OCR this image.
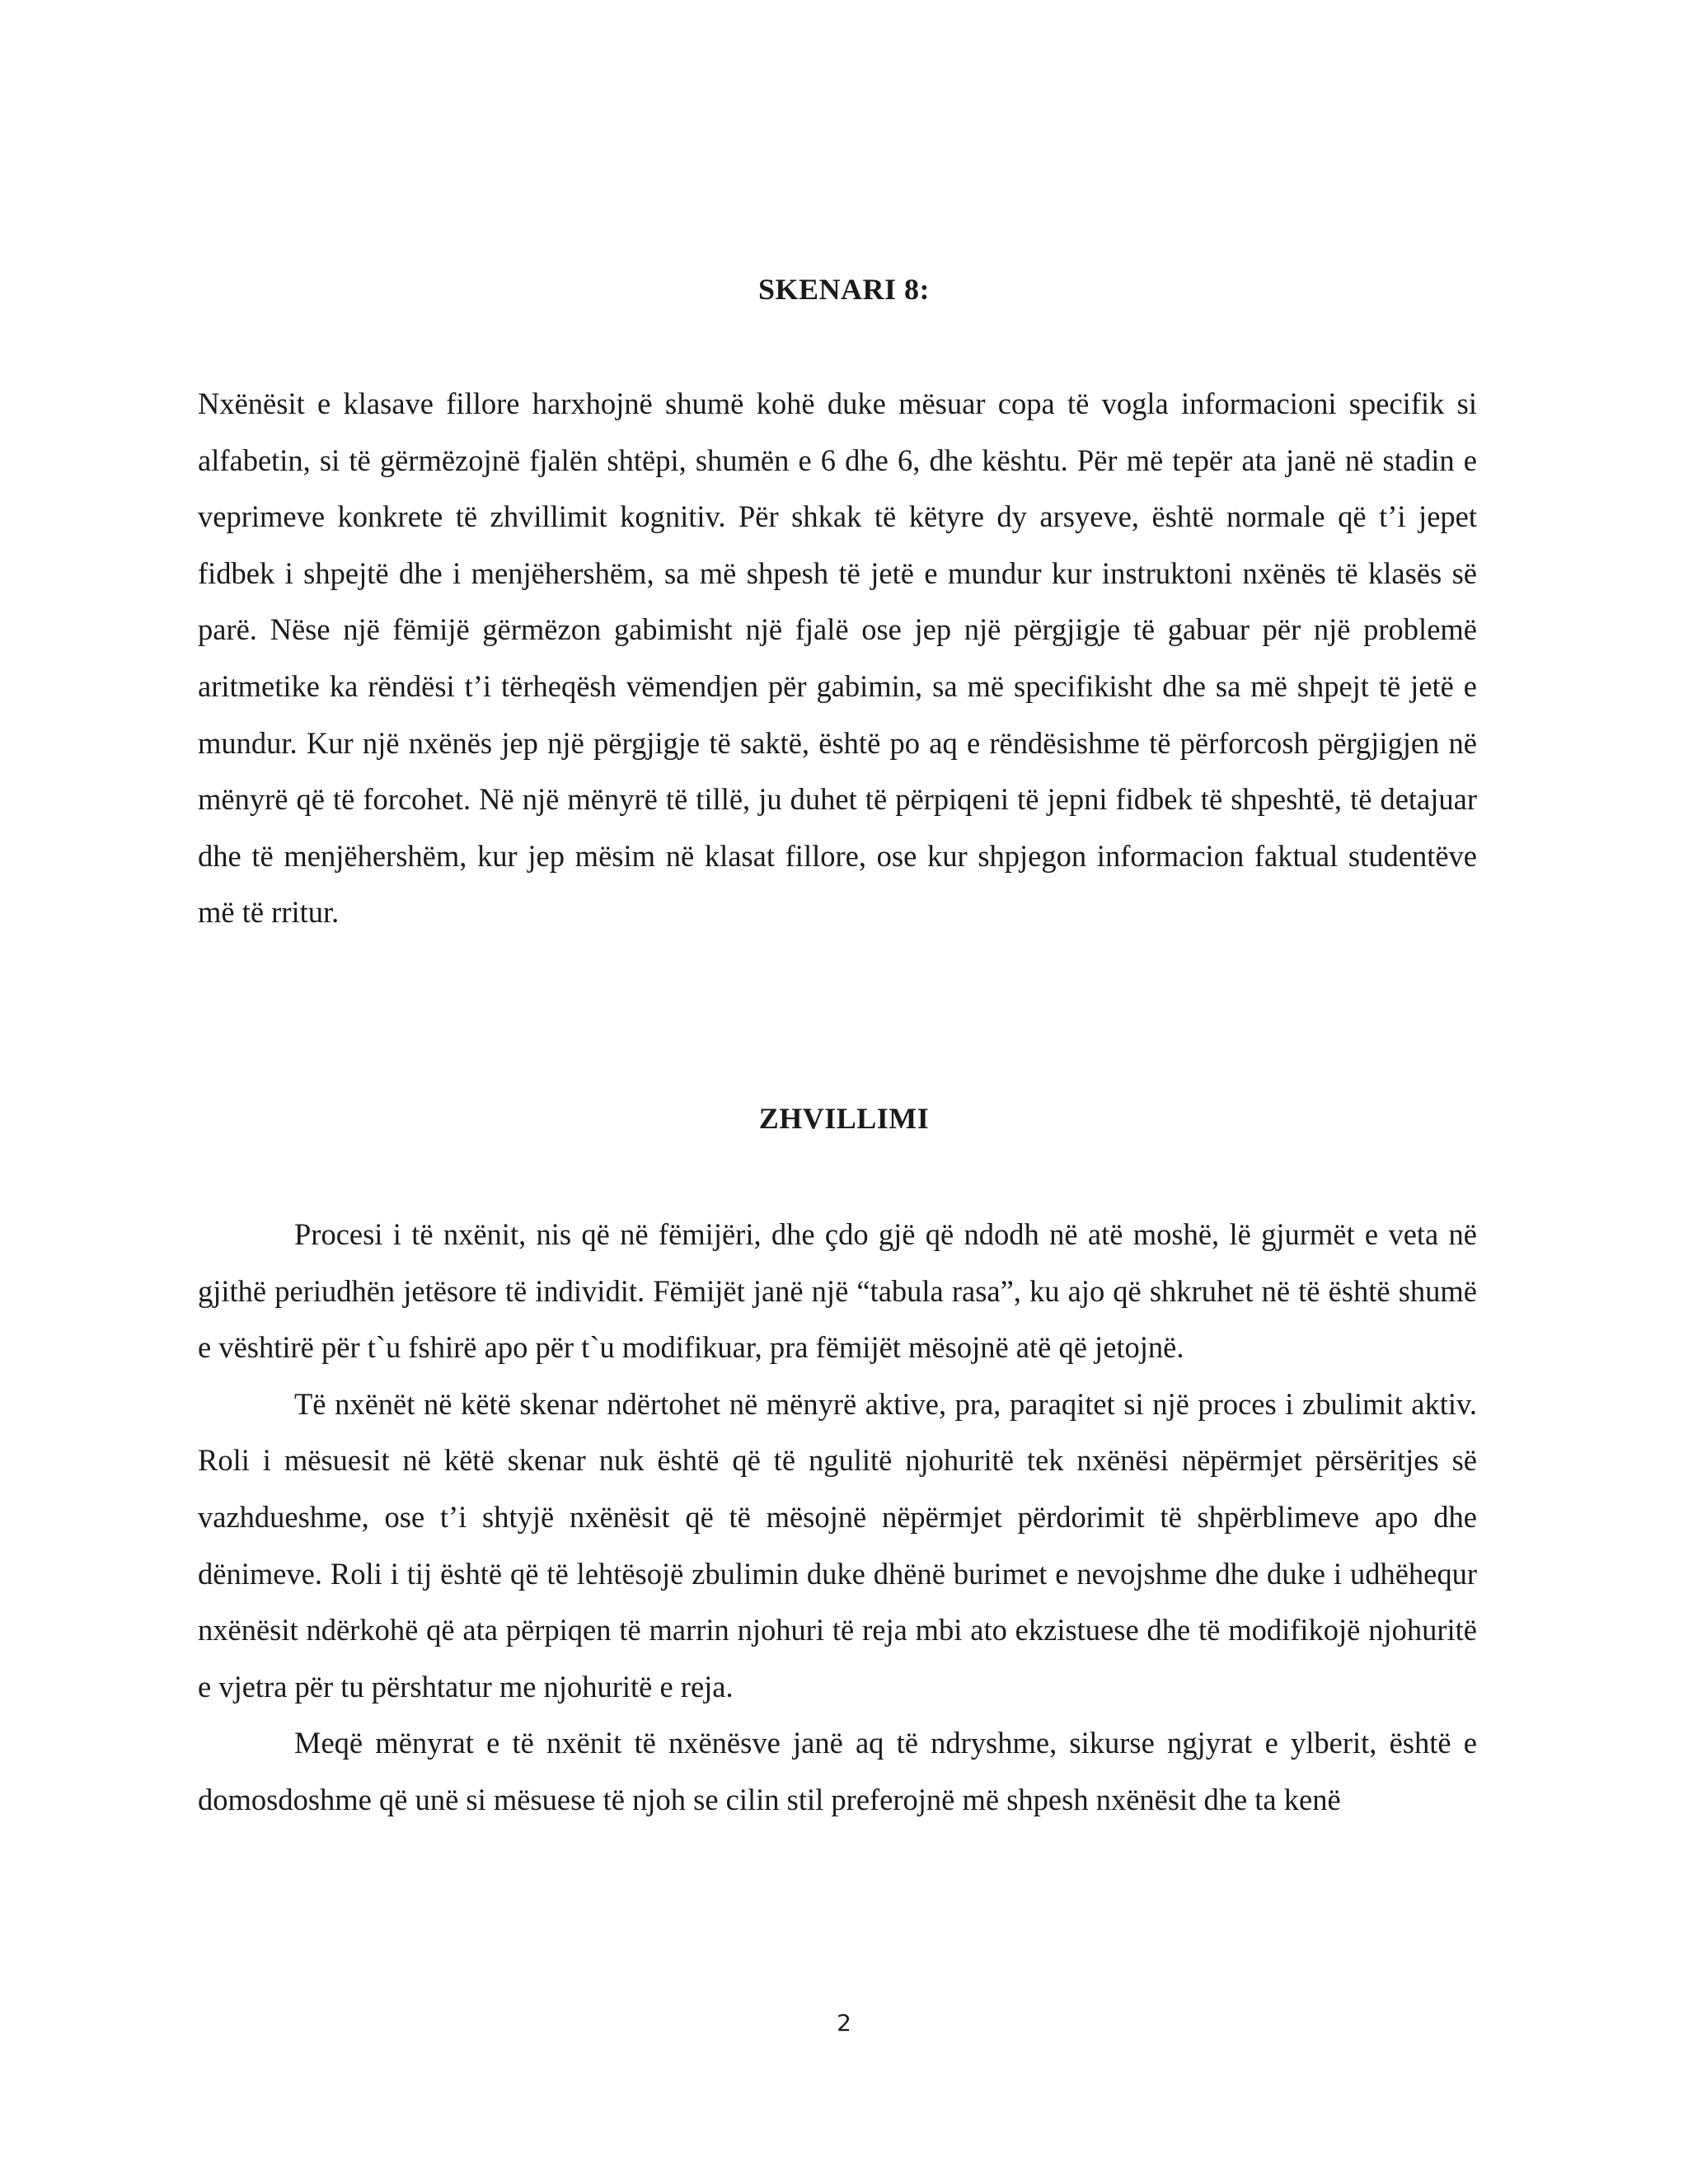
SKENARI 8:

Nxënësit e klasave fillore harxhojnë shumë kohë duke mësuar copa të vogla informacioni specifik si alfabetin, si të gërmëzojnë fjalën shtëpi, shumën e 6 dhe 6, dhe kështu. Për më tepër ata janë në stadin e veprimeve konkrete të zhvillimit kognitiv. Për shkak të këtyre dy arsyeve, është normale që t’i jepet fidbek i shpejtë dhe i menjëhershëm, sa më shpesh të jetë e mundur kur instruktoni nxënës të klasës së parë. Nëse një fëmijë gërmëzon gabimisht një fjalë ose jep një përgjigje të gabuar për një problemë aritmetike ka rëndësi t’i tërheqësh vëmendjen për gabimin, sa më specifikisht dhe sa më shpejt të jetë e mundur. Kur një nxënës jep një përgjigje të saktë, është po aq e rëndësishme të përforcosh përgjigjen në mënyrë që të forcohet. Në një mënyrë të tillë, ju duhet të përpiqeni të jepni fidbek të shpeshtë, të detajuar dhe të menjëhershëm, kur jep mësim në klasat fillore, ose kur shpjegon informacion faktual studentëve më të rritur.

ZHVILLIMI

Procesi i të nxënit, nis që në fëmijëri, dhe çdo gjë që ndodh në atë moshë, lë gjurmët e veta në gjithë periudhën jetësore të individit. Fëmijët janë një “tabula rasa”, ku ajo që shkruhet në të është shumë e vështirë për t`u fshirë apo për t`u modifikuar, pra fëmijët mësojnë atë që jetojnë.

Të nxënët në këtë skenar ndërtohet në mënyrë aktive, pra, paraqitet si një proces i zbulimit aktiv. Roli i mësuesit në këtë skenar nuk është që të ngulitë njohuritë tek nxënësi nëpërmjet përsëritjes së vazhdueshme, ose t’i shtyjë nxënësit që të mësojnë nëpërmjet përdorimit të shpërblimeve apo dhe dënimeve. Roli i tij është që të lehtësojë zbulimin duke dhënë burimet e nevojshme dhe duke i udhëhequr nxënësit ndërkohë që ata përpiqen të marrin njohuri të reja mbi ato ekzistuese dhe të modifikojë njohuritë e vjetra për tu përshtatur me njohuritë e reja.

Meqë mënyrat e të nxënit të nxënësve janë aq të ndryshme, sikurse ngjyrat e ylberit, është e domosdoshme që unë si mësuese të njoh se cilin stil preferojnë më shpesh nxënësit dhe ta kenë

2
